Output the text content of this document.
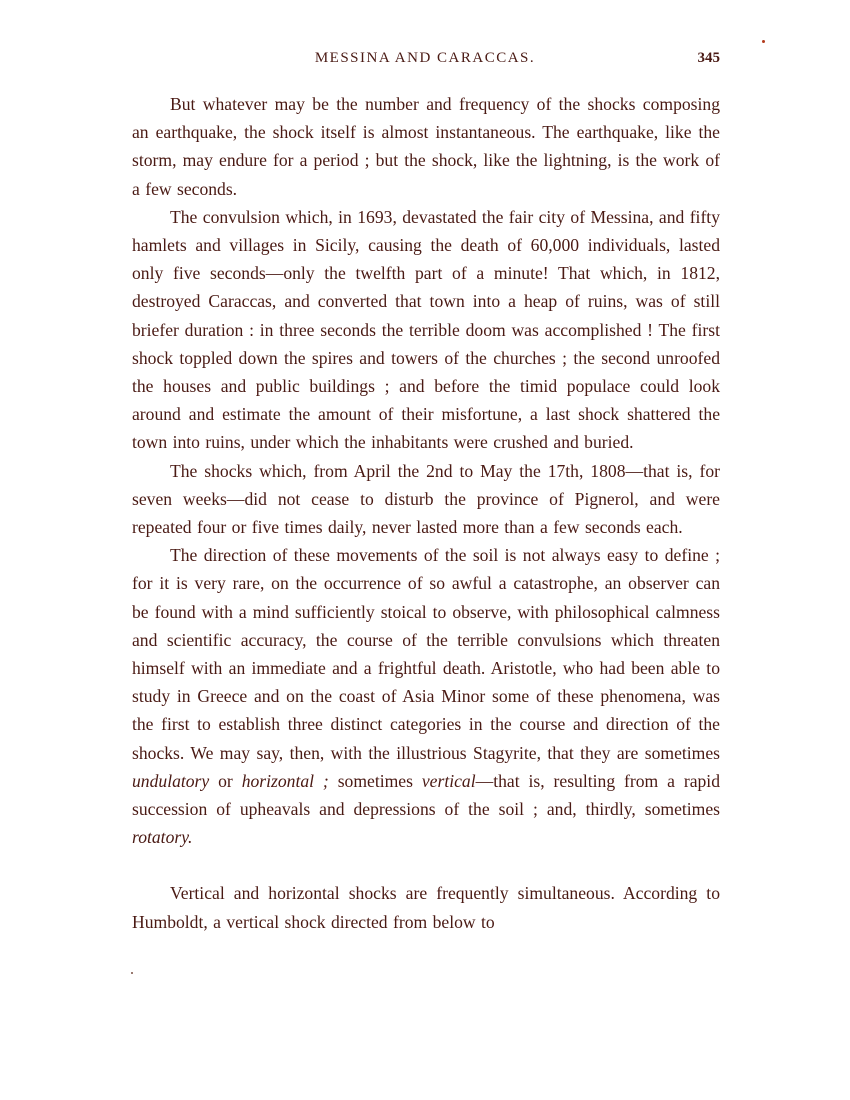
MESSINA AND CARACCAS.	345

But whatever may be the number and frequency of the shocks composing an earthquake, the shock itself is almost instantaneous. The earthquake, like the storm, may endure for a period ; but the shock, like the lightning, is the work of a few seconds.

The convulsion which, in 1693, devastated the fair city of Messina, and fifty hamlets and villages in Sicily, causing the death of 60,000 individuals, lasted only five seconds—only the twelfth part of a minute! That which, in 1812, destroyed Caraccas, and converted that town into a heap of ruins, was of still briefer duration : in three seconds the terrible doom was accomplished ! The first shock toppled down the spires and towers of the churches ; the second unroofed the houses and public buildings ; and before the timid populace could look around and estimate the amount of their misfortune, a last shock shattered the town into ruins, under which the inhabitants were crushed and buried.

The shocks which, from April the 2nd to May the 17th, 1808—that is, for seven weeks—did not cease to disturb the province of Pignerol, and were repeated four or five times daily, never lasted more than a few seconds each.

The direction of these movements of the soil is not always easy to define ; for it is very rare, on the occurrence of so awful a catastrophe, an observer can be found with a mind sufficiently stoical to observe, with philosophical calmness and scientific accuracy, the course of the terrible convulsions which threaten himself with an immediate and a frightful death. Aristotle, who had been able to study in Greece and on the coast of Asia Minor some of these phenomena, was the first to establish three distinct categories in the course and direction of the shocks. We may say, then, with the illustrious Stagyrite, that they are sometimes undulatory or horizontal ; sometimes vertical—that is, resulting from a rapid succession of upheavals and depressions of the soil ; and, thirdly, sometimes rotatory.

Vertical and horizontal shocks are frequently simultaneous. According to Humboldt, a vertical shock directed from below to
